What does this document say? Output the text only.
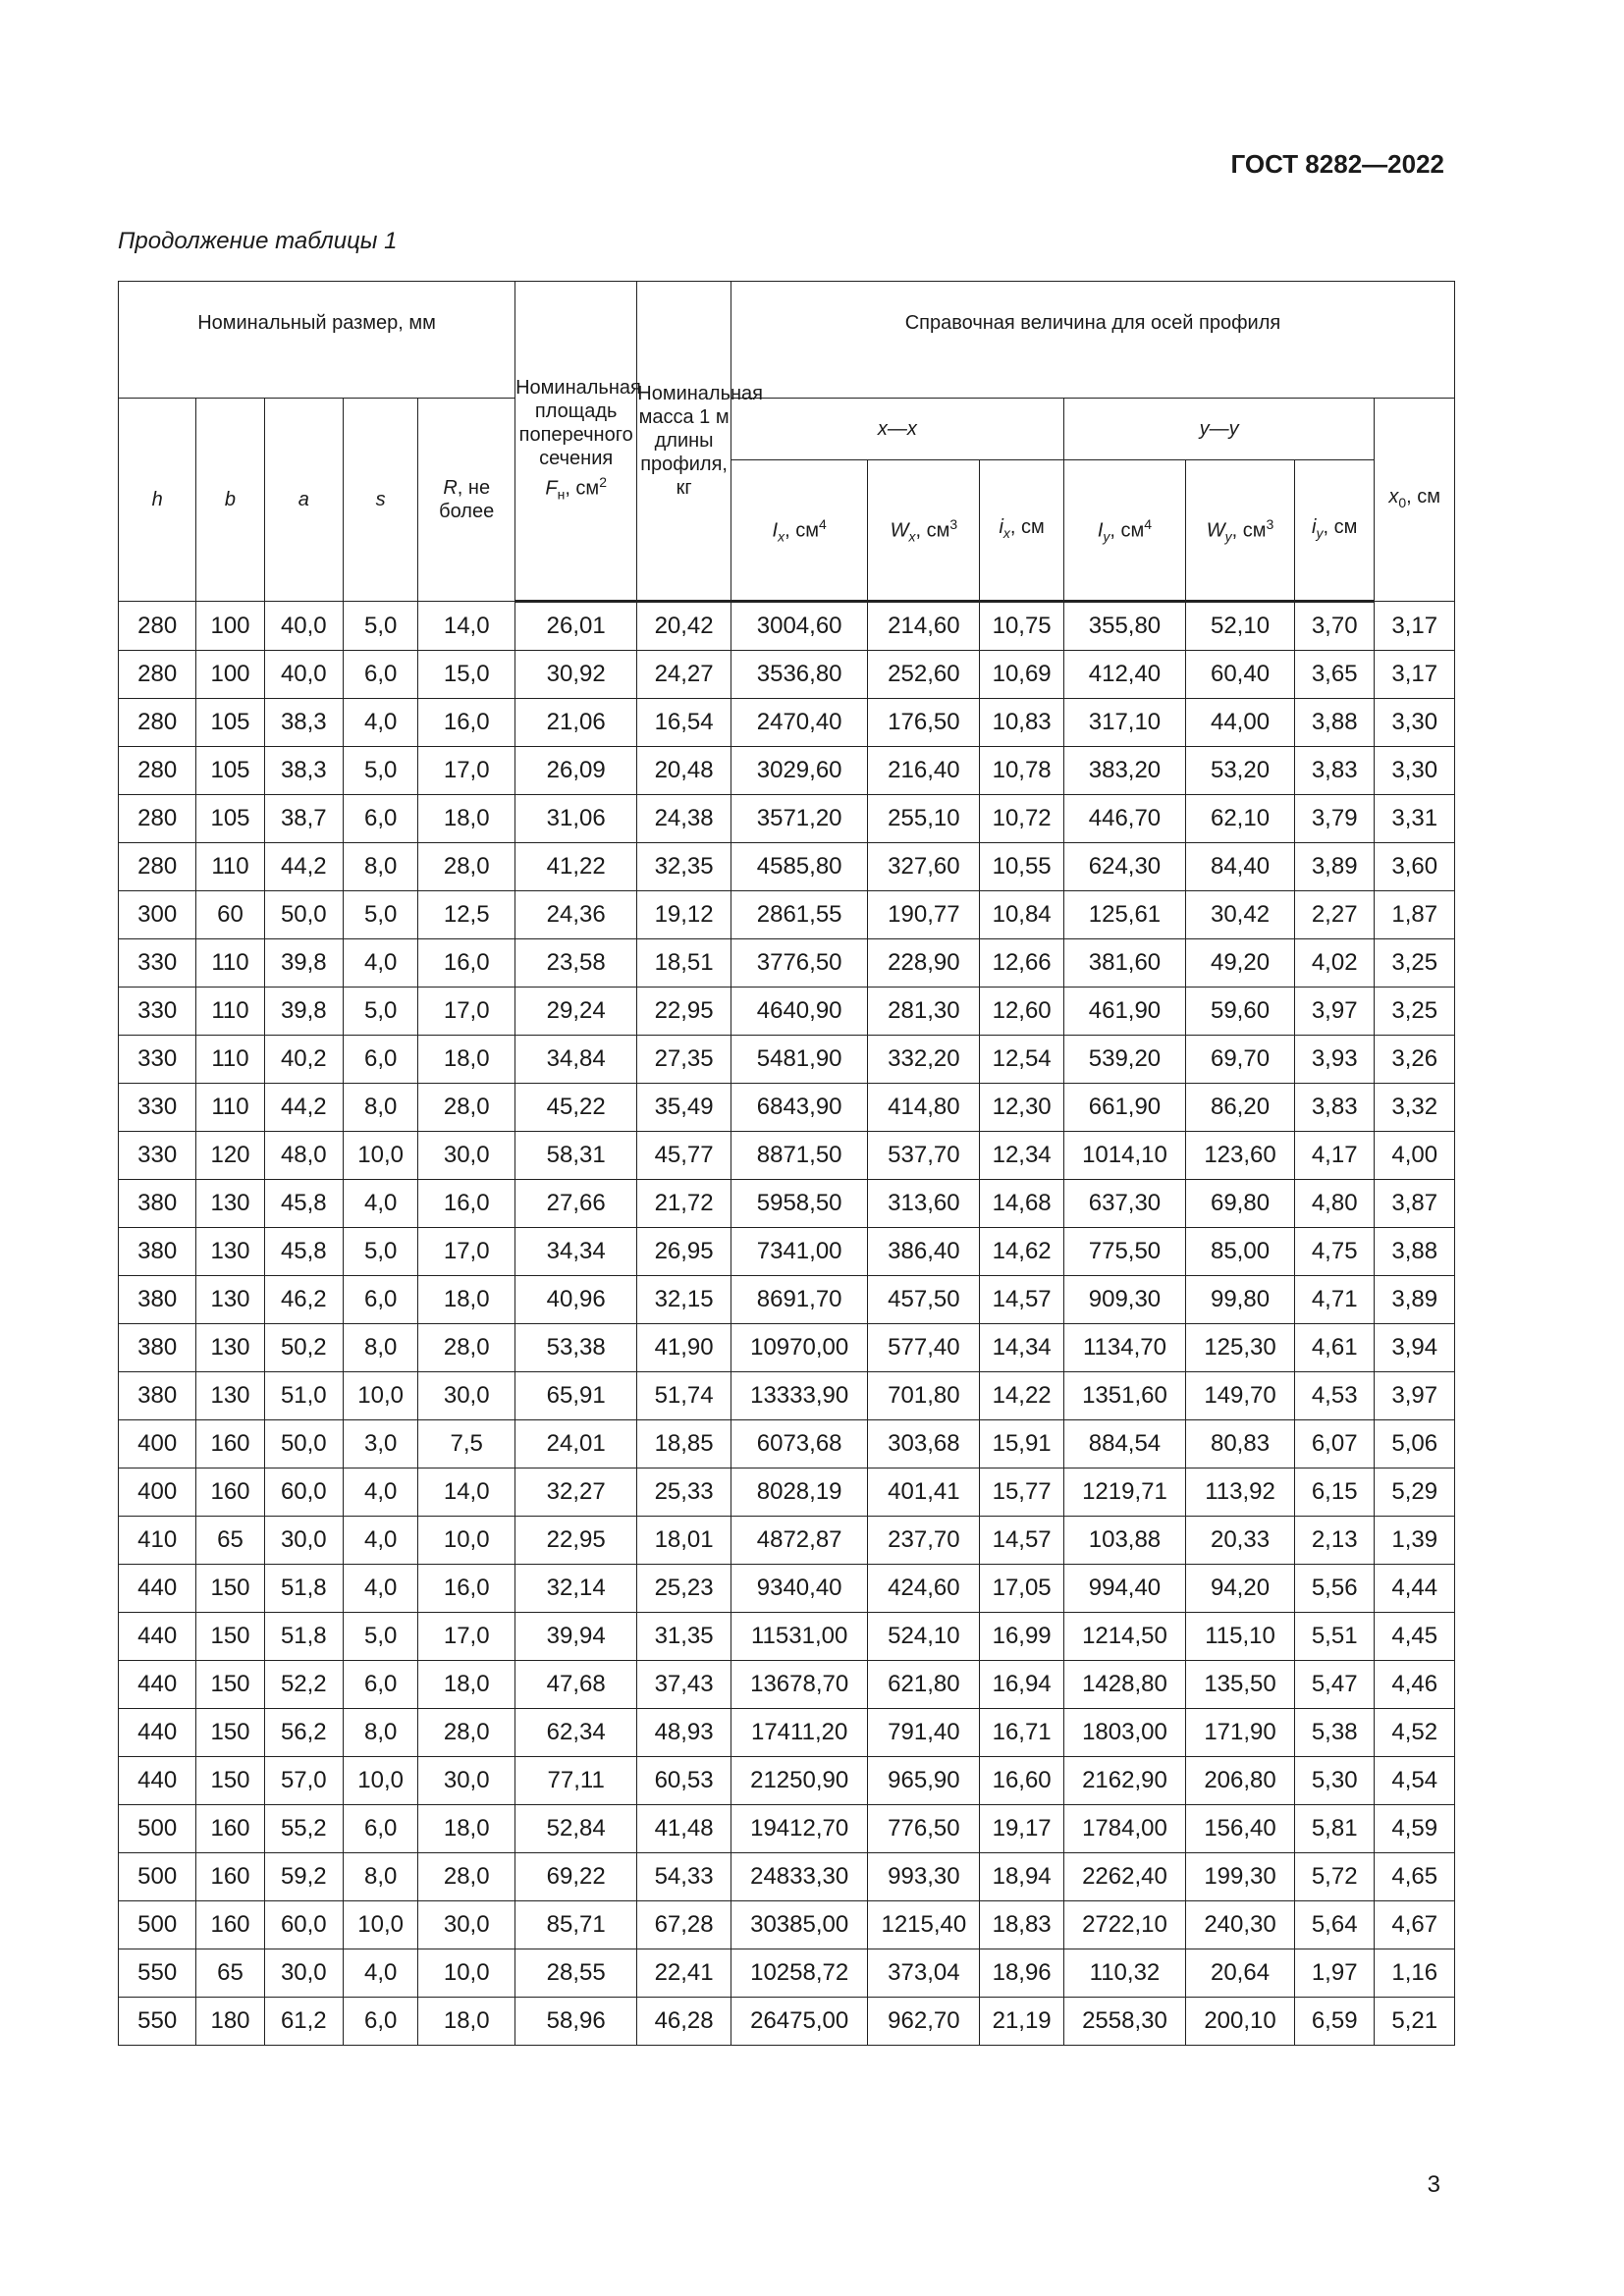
ГОСТ 8282—2022

Продолжение таблицы 1

Номинальный размер, мм					Номинальная площадь поперечного сечения
$F_н$, $см^2$	Номинальная масса 1 м длины профиля, кг	Справочная величина для осей профиля						
h	b	a	s	R, не более			x—x			y—y			$x_0$, см
							$I_x$, $см^4$	$W_x$, $см^3$	$i_x$, см	$I_y$, $см^4$	$W_y$, $см^3$	$i_y$, см	
280	100	40,0	5,0	14,0	26,01	20,42	3004,60	214,60	10,75	355,80	52,10	3,70	3,17
280	100	40,0	6,0	15,0	30,92	24,27	3536,80	252,60	10,69	412,40	60,40	3,65	3,17
280	105	38,3	4,0	16,0	21,06	16,54	2470,40	176,50	10,83	317,10	44,00	3,88	3,30
280	105	38,3	5,0	17,0	26,09	20,48	3029,60	216,40	10,78	383,20	53,20	3,83	3,30
280	105	38,7	6,0	18,0	31,06	24,38	3571,20	255,10	10,72	446,70	62,10	3,79	3,31
280	110	44,2	8,0	28,0	41,22	32,35	4585,80	327,60	10,55	624,30	84,40	3,89	3,60
300	60	50,0	5,0	12,5	24,36	19,12	2861,55	190,77	10,84	125,61	30,42	2,27	1,87
330	110	39,8	4,0	16,0	23,58	18,51	3776,50	228,90	12,66	381,60	49,20	4,02	3,25
330	110	39,8	5,0	17,0	29,24	22,95	4640,90	281,30	12,60	461,90	59,60	3,97	3,25
330	110	40,2	6,0	18,0	34,84	27,35	5481,90	332,20	12,54	539,20	69,70	3,93	3,26
330	110	44,2	8,0	28,0	45,22	35,49	6843,90	414,80	12,30	661,90	86,20	3,83	3,32
330	120	48,0	10,0	30,0	58,31	45,77	8871,50	537,70	12,34	1014,10	123,60	4,17	4,00
380	130	45,8	4,0	16,0	27,66	21,72	5958,50	313,60	14,68	637,30	69,80	4,80	3,87
380	130	45,8	5,0	17,0	34,34	26,95	7341,00	386,40	14,62	775,50	85,00	4,75	3,88
380	130	46,2	6,0	18,0	40,96	32,15	8691,70	457,50	14,57	909,30	99,80	4,71	3,89
380	130	50,2	8,0	28,0	53,38	41,90	10970,00	577,40	14,34	1134,70	125,30	4,61	3,94
380	130	51,0	10,0	30,0	65,91	51,74	13333,90	701,80	14,22	1351,60	149,70	4,53	3,97
400	160	50,0	3,0	7,5	24,01	18,85	6073,68	303,68	15,91	884,54	80,83	6,07	5,06
400	160	60,0	4,0	14,0	32,27	25,33	8028,19	401,41	15,77	1219,71	113,92	6,15	5,29
410	65	30,0	4,0	10,0	22,95	18,01	4872,87	237,70	14,57	103,88	20,33	2,13	1,39
440	150	51,8	4,0	16,0	32,14	25,23	9340,40	424,60	17,05	994,40	94,20	5,56	4,44
440	150	51,8	5,0	17,0	39,94	31,35	11531,00	524,10	16,99	1214,50	115,10	5,51	4,45
440	150	52,2	6,0	18,0	47,68	37,43	13678,70	621,80	16,94	1428,80	135,50	5,47	4,46
440	150	56,2	8,0	28,0	62,34	48,93	17411,20	791,40	16,71	1803,00	171,90	5,38	4,52
440	150	57,0	10,0	30,0	77,11	60,53	21250,90	965,90	16,60	2162,90	206,80	5,30	4,54
500	160	55,2	6,0	18,0	52,84	41,48	19412,70	776,50	19,17	1784,00	156,40	5,81	4,59
500	160	59,2	8,0	28,0	69,22	54,33	24833,30	993,30	18,94	2262,40	199,30	5,72	4,65
500	160	60,0	10,0	30,0	85,71	67,28	30385,00	1215,40	18,83	2722,10	240,30	5,64	4,67
550	65	30,0	4,0	10,0	28,55	22,41	10258,72	373,04	18,96	110,32	20,64	1,97	1,16
550	180	61,2	6,0	18,0	58,96	46,28	26475,00	962,70	21,19	2558,30	200,10	6,59	5,21

3
